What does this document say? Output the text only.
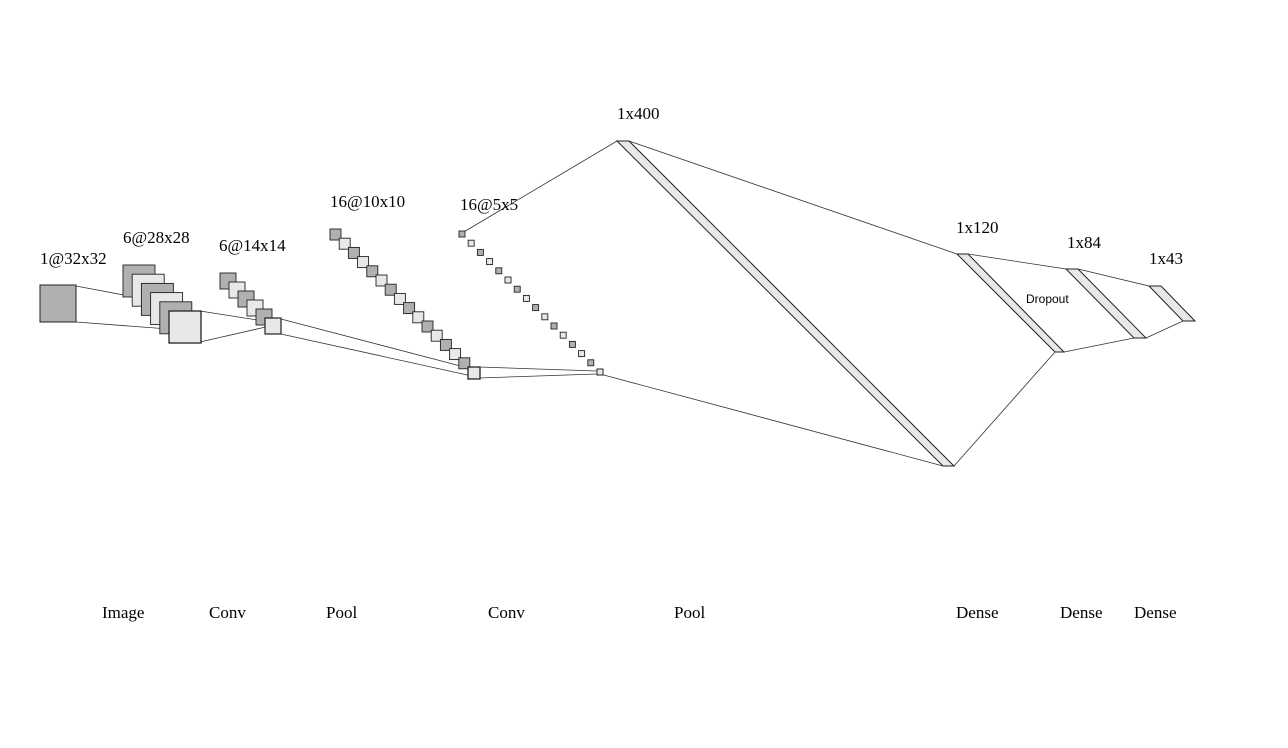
1@32x32
6@28x28 6@14x14
16@10x10	16@5x5
1x400
1x120
1x84
1x43
Dropout
Image	Conv	Pool	Conv	Pool	Dense	Dense Dense
